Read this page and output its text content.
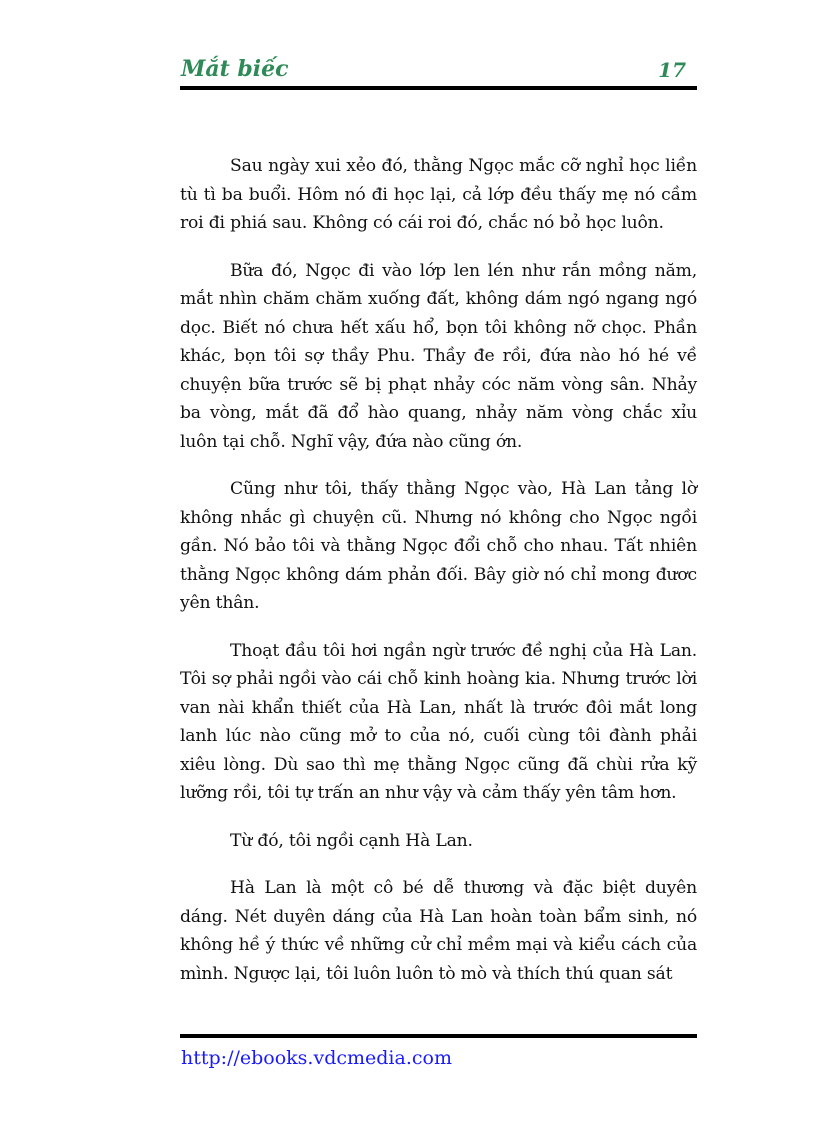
Mắt biếc	17

Sau ngày xui xẻo đó, thằng Ngọc mắc cỡ nghỉ học liền tù tì ba buổi. Hôm nó đi học lại, cả lớp đều thấy mẹ nó cầm roi đi phiá sau. Không có cái roi đó, chắc nó bỏ học luôn.

Bữa đó, Ngọc đi vào lớp len lén như rắn mồng năm, mắt nhìn chăm chăm xuống đất, không dám ngó ngang ngó dọc. Biết nó chưa hết xấu hổ, bọn tôi không nỡ chọc. Phần khác, bọn tôi sợ thầy Phu. Thầy đe rồi, đứa nào hó hé về chuyện bữa trước sẽ bị phạt nhảy cóc năm vòng sân. Nhảy ba vòng, mắt đã đổ hào quang, nhảy năm vòng chắc xỉu luôn tại chỗ. Nghĩ vậy, đứa nào cũng ớn.

Cũng như tôi, thấy thằng Ngọc vào, Hà Lan tảng lờ không nhắc gì chuyện cũ. Nhưng nó không cho Ngọc ngồi gần. Nó bảo tôi và thằng Ngọc đổi chỗ cho nhau. Tất nhiên thằng Ngọc không dám phản đối. Bây giờ nó chỉ mong đươc yên thân.

Thoạt đầu tôi hơi ngần ngừ trước đề nghị của Hà Lan. Tôi sợ phải ngồi vào cái chỗ kinh hoàng kia. Nhưng trước lời van nài khẩn thiết của Hà Lan, nhất là trước đôi mắt long lanh lúc nào cũng mở to của nó, cuối cùng tôi đành phải xiêu lòng. Dù sao thì mẹ thằng Ngọc cũng đã chùi rửa kỹ lưỡng rồi, tôi tự trấn an như vậy và cảm thấy yên tâm hơn.

Từ đó, tôi ngồi cạnh Hà Lan.

Hà Lan là một cô bé dễ thương và đặc biệt duyên dáng. Nét duyên dáng của Hà Lan hoàn toàn bẩm sinh, nó không hề ý thức về những cử chỉ mềm mại và kiểu cách của mình. Ngược lại, tôi luôn luôn tò mò và thích thú quan sát

http://ebooks.vdcmedia.com
